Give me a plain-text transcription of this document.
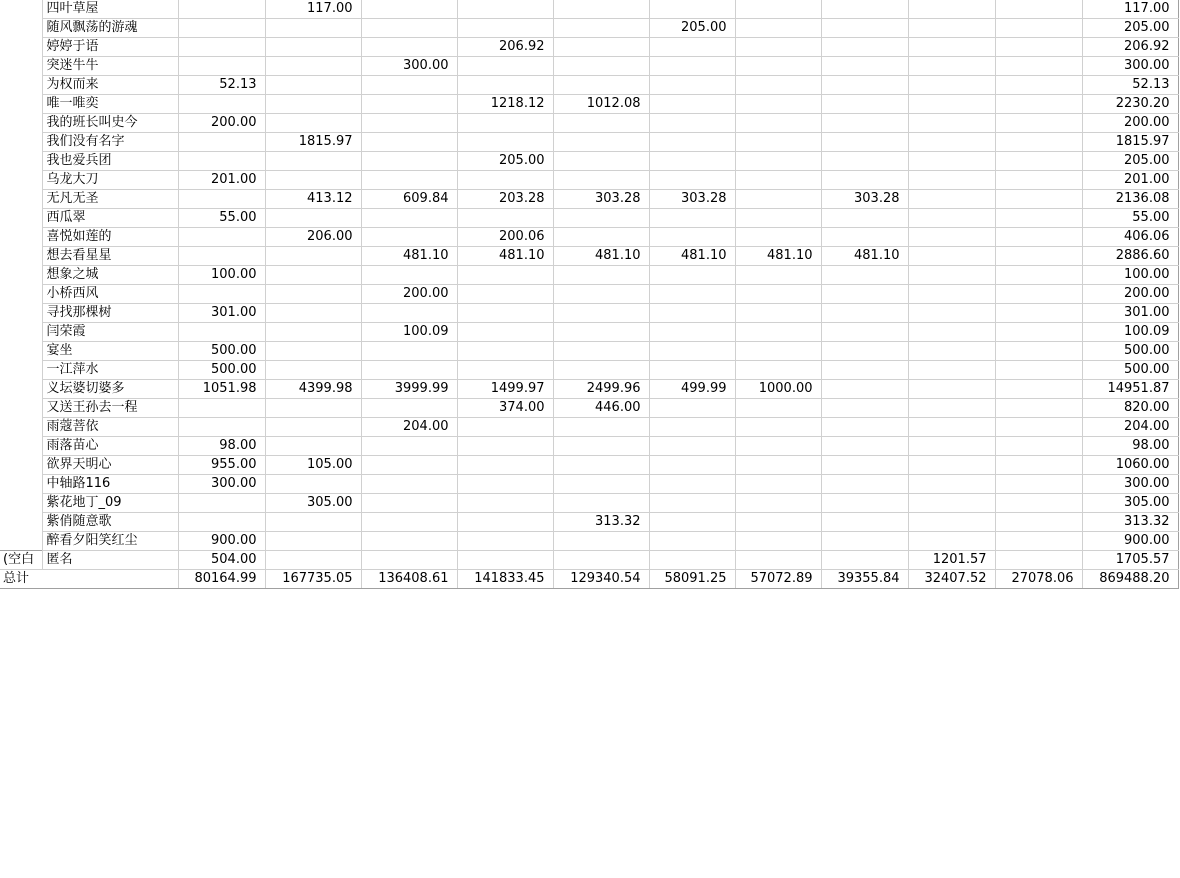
	四叶草屋		117.00									117.00
	随风飘荡的游魂						205.00					205.00
	婷婷于语				206.92							206.92
	突迷牛牛			300.00								300.00
	为权而来	52.13										52.13
	唯一唯奕				1218.12	1012.08						2230.20
	我的班长叫史今	200.00										200.00
	我们没有名字		1815.97									1815.97
	我也爱兵团				205.00							205.00
	乌龙大刀	201.00										201.00
	无凡无圣		413.12	609.84	203.28	303.28	303.28		303.28			2136.08
	西瓜翠	55.00										55.00
	喜悦如莲的		206.00		200.06							406.06
	想去看星星			481.10	481.10	481.10	481.10	481.10	481.10			2886.60
	想象之城	100.00										100.00
	小桥西风			200.00								200.00
	寻找那棵树	301.00										301.00
	闫荣霞			100.09								100.09
	宴坐	500.00										500.00
	一江萍水	500.00										500.00
	义坛婆切婆多	1051.98	4399.98	3999.99	1499.97	2499.96	499.99	1000.00				14951.87
	又送王孙去一程				374.00	446.00						820.00
	雨蔻菩依			204.00								204.00
	雨落苗心	98.00										98.00
	欲界天明心	955.00	105.00									1060.00
	中轴路116	300.00										300.00
	紫花地丁_09		305.00									305.00
	紫俏随意歌					313.32						313.32
	醉看夕阳笑红尘	900.00										900.00
(空白	匿名	504.00								1201.57		1705.57
总计		80164.99	167735.05	136408.61	141833.45	129340.54	58091.25	57072.89	39355.84	32407.52	27078.06	869488.20
